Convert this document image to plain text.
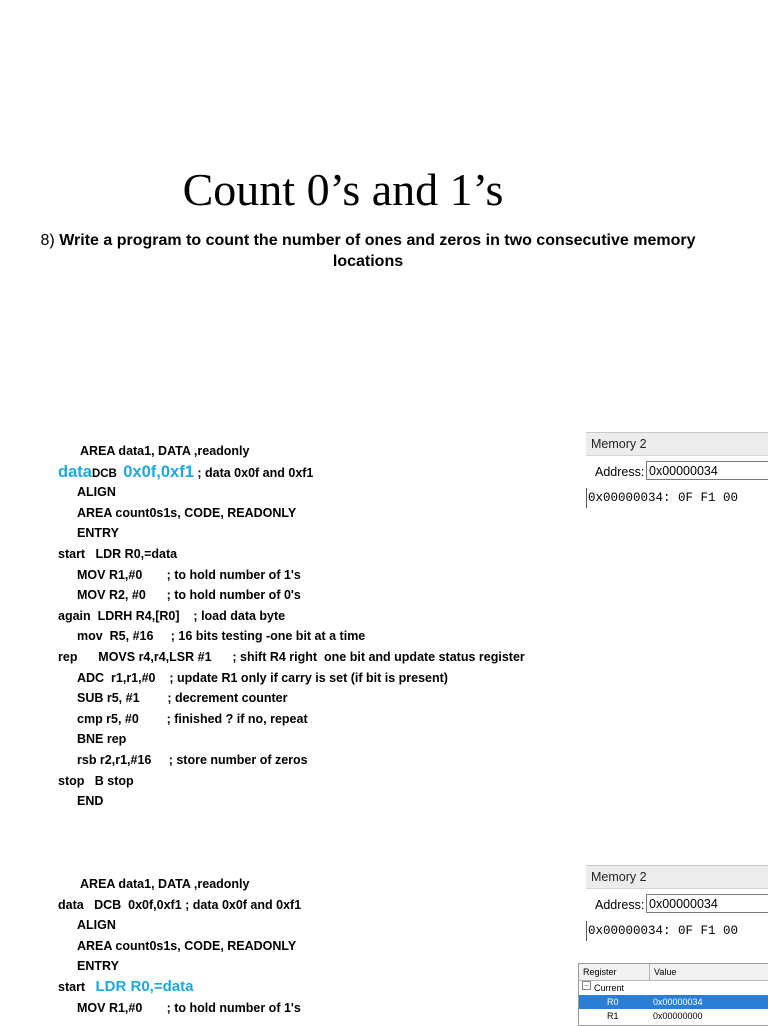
Count 0’s and 1’s
8) Write a program to count the number of ones and zeros in two consecutive memory locations
AREA data1, DATA ,readonly
dataDCB  0x0f,0xf1 ; data 0x0f and 0xf1
ALIGN
AREA count0s1s, CODE, READONLY
ENTRY
start   LDR R0,=data
MOV R1,#0       ; to hold number of 1's
MOV R2, #0      ; to hold number of 0's
again  LDRH R4,[R0]    ; load data byte
mov  R5, #16     ; 16 bits testing -one bit at a time
rep      MOVS r4,r4,LSR #1      ; shift R4 right  one bit and update status register
ADC  r1,r1,#0    ; update R1 only if carry is set (if bit is present)
SUB r5, #1        ; decrement counter
cmp r5, #0        ; finished ? if no, repeat
BNE rep
rsb r2,r1,#16     ; store number of zeros
stop   B stop
END
AREA data1, DATA ,readonly
data   DCB  0x0f,0xf1 ; data 0x0f and 0xf1
ALIGN
AREA count0s1s, CODE, READONLY
ENTRY
start   LDR R0,=data
MOV R1,#0       ; to hold number of 1's
Memory 2
Address: 0x00000034
0x00000034: 0F F1 00
Memory 2
Address: 0x00000034
0x00000034: 0F F1 00
Register	Value
− Current
R0	0x00000034
R1	0x00000000
